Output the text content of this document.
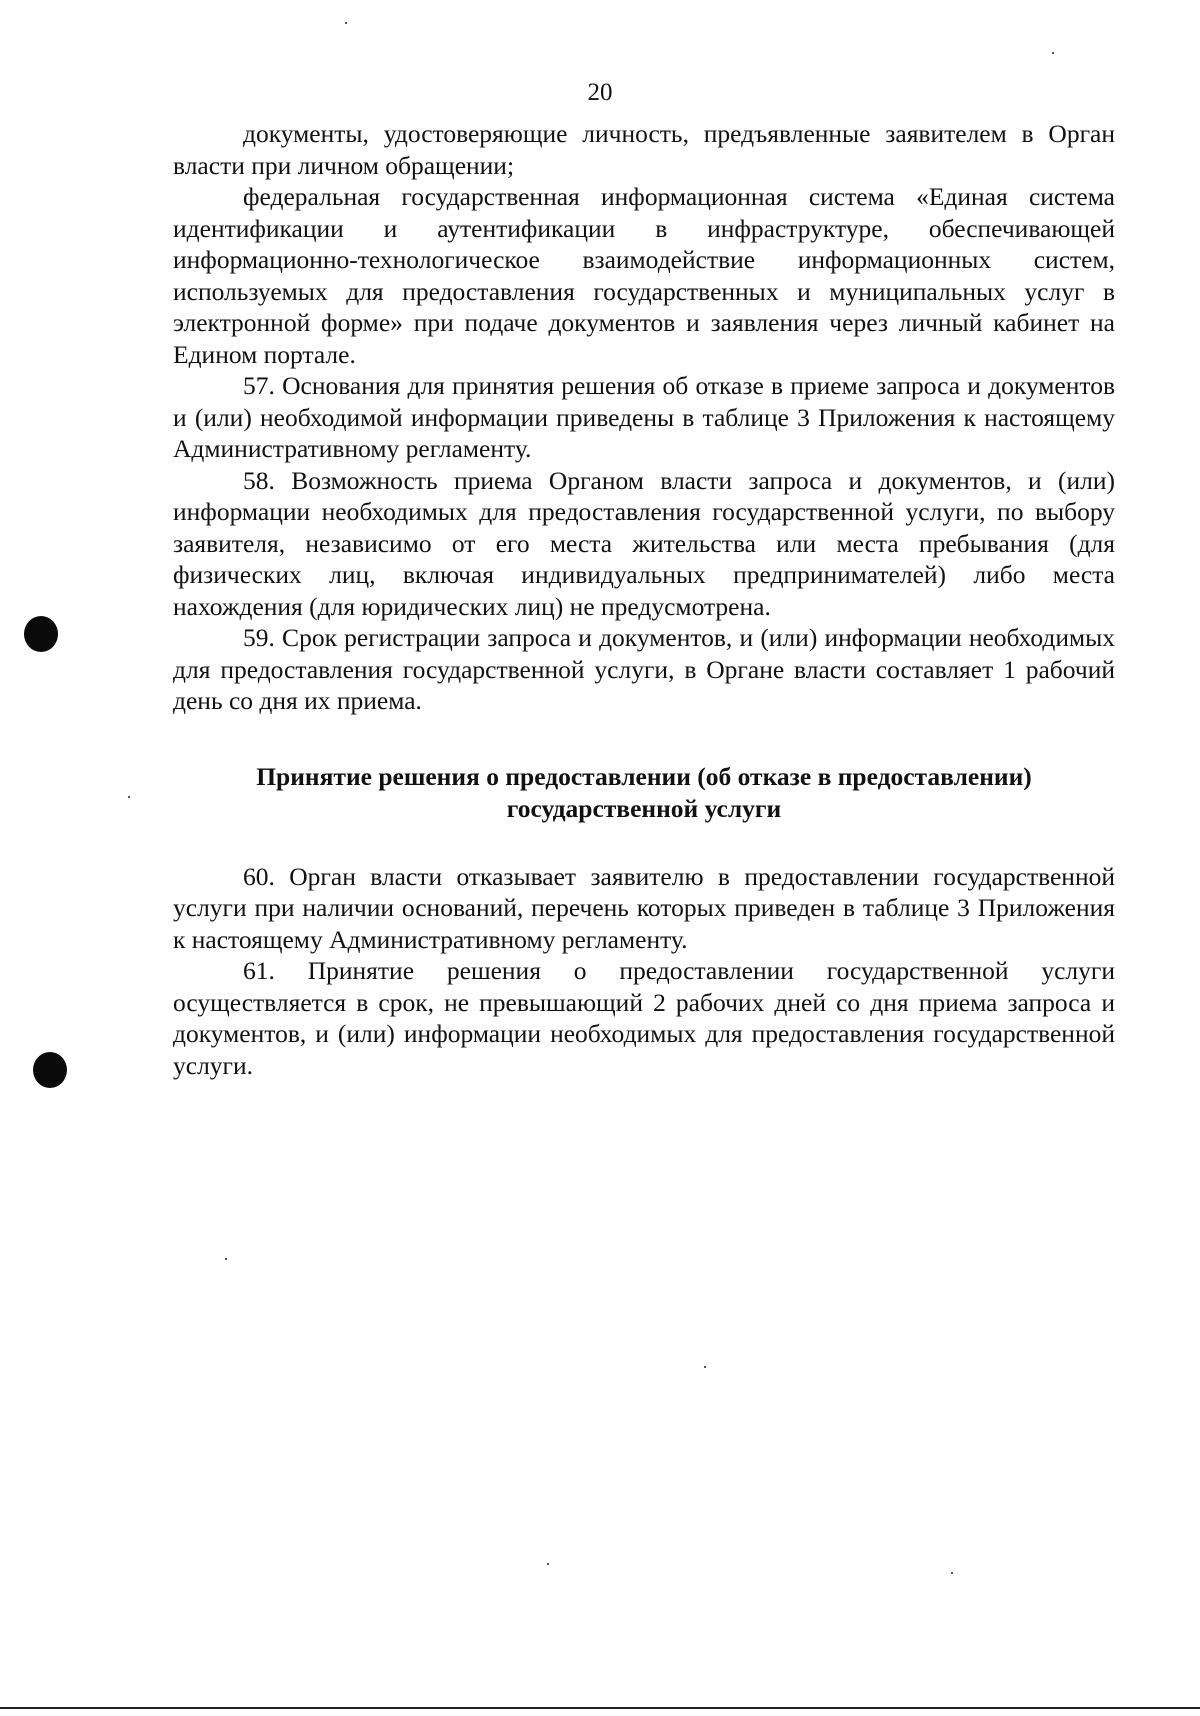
20

документы, удостоверяющие личность, предъявленные заявителем в Орган власти при личном обращении;

федеральная государственная информационная система «Единая система идентификации и аутентификации в инфраструктуре, обеспечивающей информационно-технологическое взаимодействие информационных систем, используемых для предоставления государственных и муниципальных услуг в электронной форме» при подаче документов и заявления через личный кабинет на Едином портале.

57. Основания для принятия решения об отказе в приеме запроса и документов и (или) необходимой информации приведены в таблице 3 Приложения к настоящему Административному регламенту.

58. Возможность приема Органом власти запроса и документов, и (или) информации необходимых для предоставления государственной услуги, по выбору заявителя, независимо от его места жительства или места пребывания (для физических лиц, включая индивидуальных предпринимателей) либо места нахождения (для юридических лиц) не предусмотрена.

59. Срок регистрации запроса и документов, и (или) информации необходимых для предоставления государственной услуги, в Органе власти составляет 1 рабочий день со дня их приема.

Принятие решения о предоставлении (об отказе в предоставлении)
государственной услуги

60. Орган власти отказывает заявителю в предоставлении государственной услуги при наличии оснований, перечень которых приведен в таблице 3 Приложения к настоящему Административному регламенту.

61. Принятие решения о предоставлении государственной услуги осуществляется в срок, не превышающий 2 рабочих дней со дня приема запроса и документов, и (или) информации необходимых для предоставления государственной услуги.
